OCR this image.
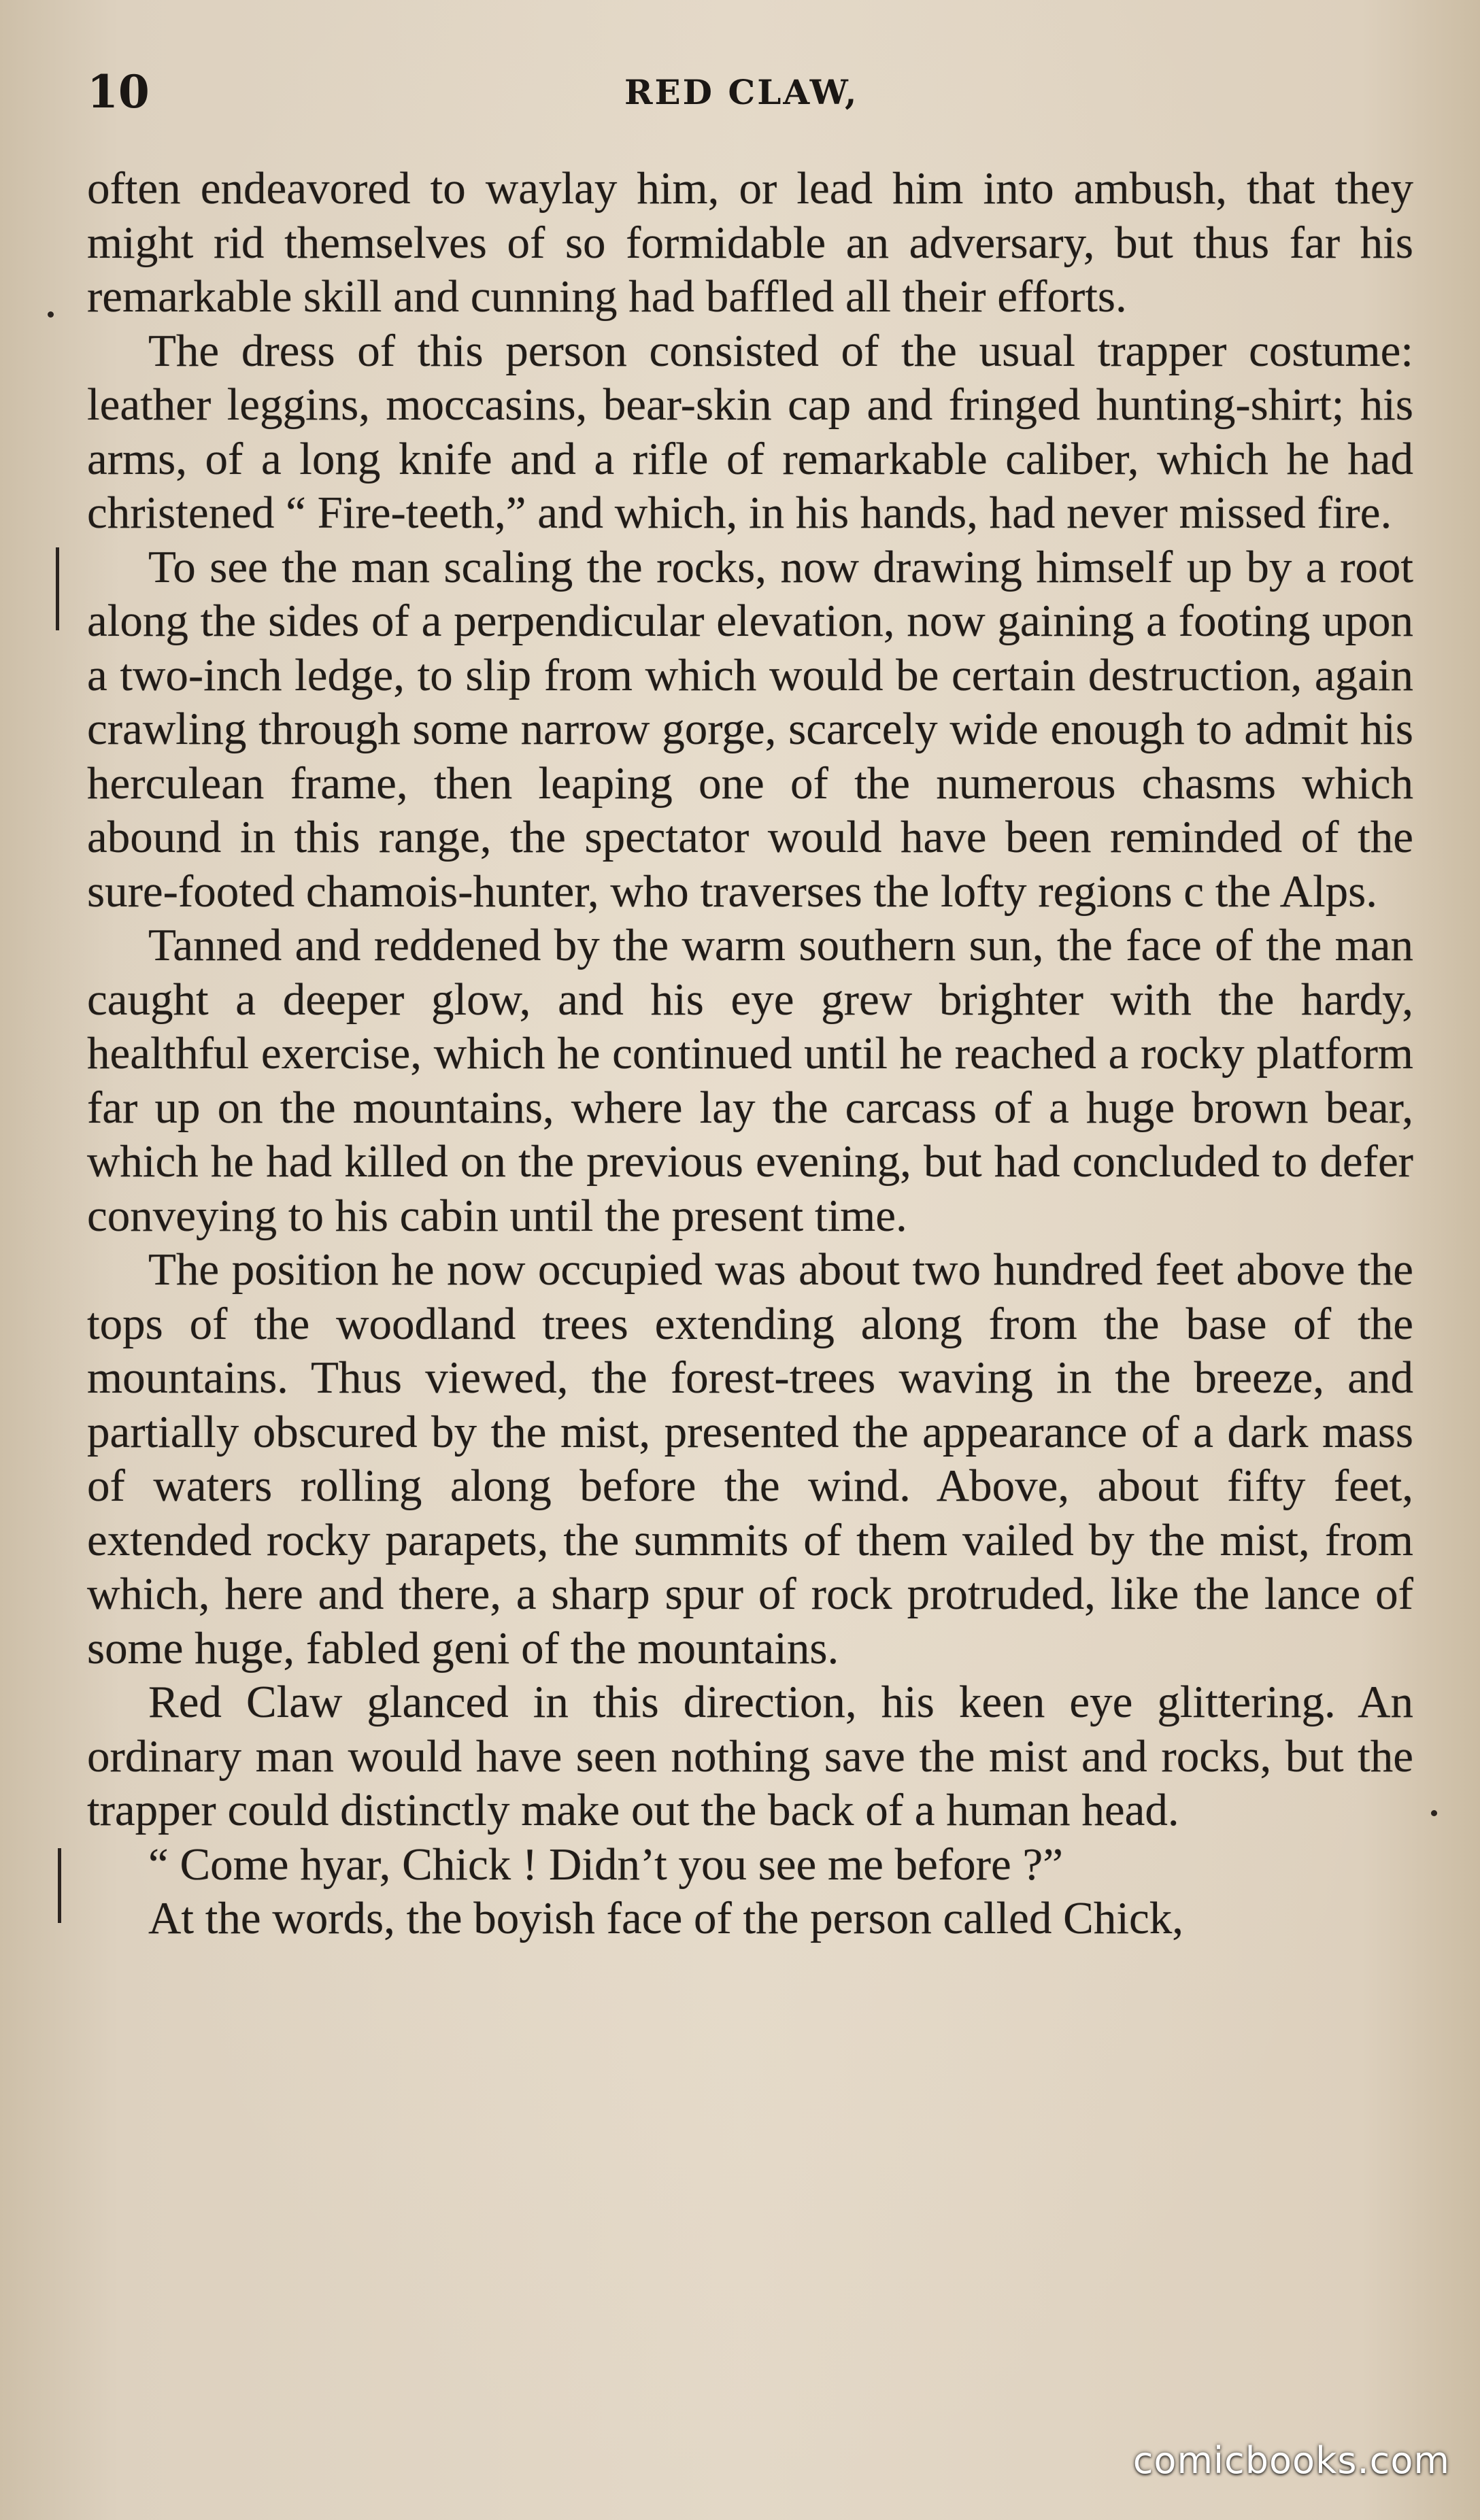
10	RED CLAW,

often endeavored to waylay him, or lead him into ambush, that they might rid themselves of so formidable an adversary, but thus far his remarkable skill and cunning had baffled all their efforts.

The dress of this person consisted of the usual trapper costume: leather leggins, moccasins, bear-skin cap and fringed hunting-shirt; his arms, of a long knife and a rifle of remarkable caliber, which he had christened “ Fire-teeth,” and which, in his hands, had never missed fire.

To see the man scaling the rocks, now drawing himself up by a root along the sides of a perpendicular elevation, now gaining a footing upon a two-inch ledge, to slip from which would be certain destruction, again crawling through some narrow gorge, scarcely wide enough to admit his herculean frame, then leaping one of the numerous chasms which abound in this range, the spectator would have been reminded of the sure-footed chamois-hunter, who traverses the lofty regions c the Alps.

Tanned and reddened by the warm southern sun, the face of the man caught a deeper glow, and his eye grew brighter with the hardy, healthful exercise, which he continued until he reached a rocky platform far up on the mountains, where lay the carcass of a huge brown bear, which he had killed on the previous evening, but had concluded to defer conveying to his cabin until the present time.

The position he now occupied was about two hundred feet above the tops of the woodland trees extending along from the base of the mountains. Thus viewed, the forest-trees waving in the breeze, and partially obscured by the mist, presented the appearance of a dark mass of waters rolling along before the wind. Above, about fifty feet, extended rocky parapets, the summits of them vailed by the mist, from which, here and there, a sharp spur of rock protruded, like the lance of some huge, fabled geni of the mountains.

Red Claw glanced in this direction, his keen eye glittering. An ordinary man would have seen nothing save the mist and rocks, but the trapper could distinctly make out the back of a human head.

“ Come hyar, Chick ! Didn’t you see me before ?”

At the words, the boyish face of the person called Chick,

comicbooks.com
